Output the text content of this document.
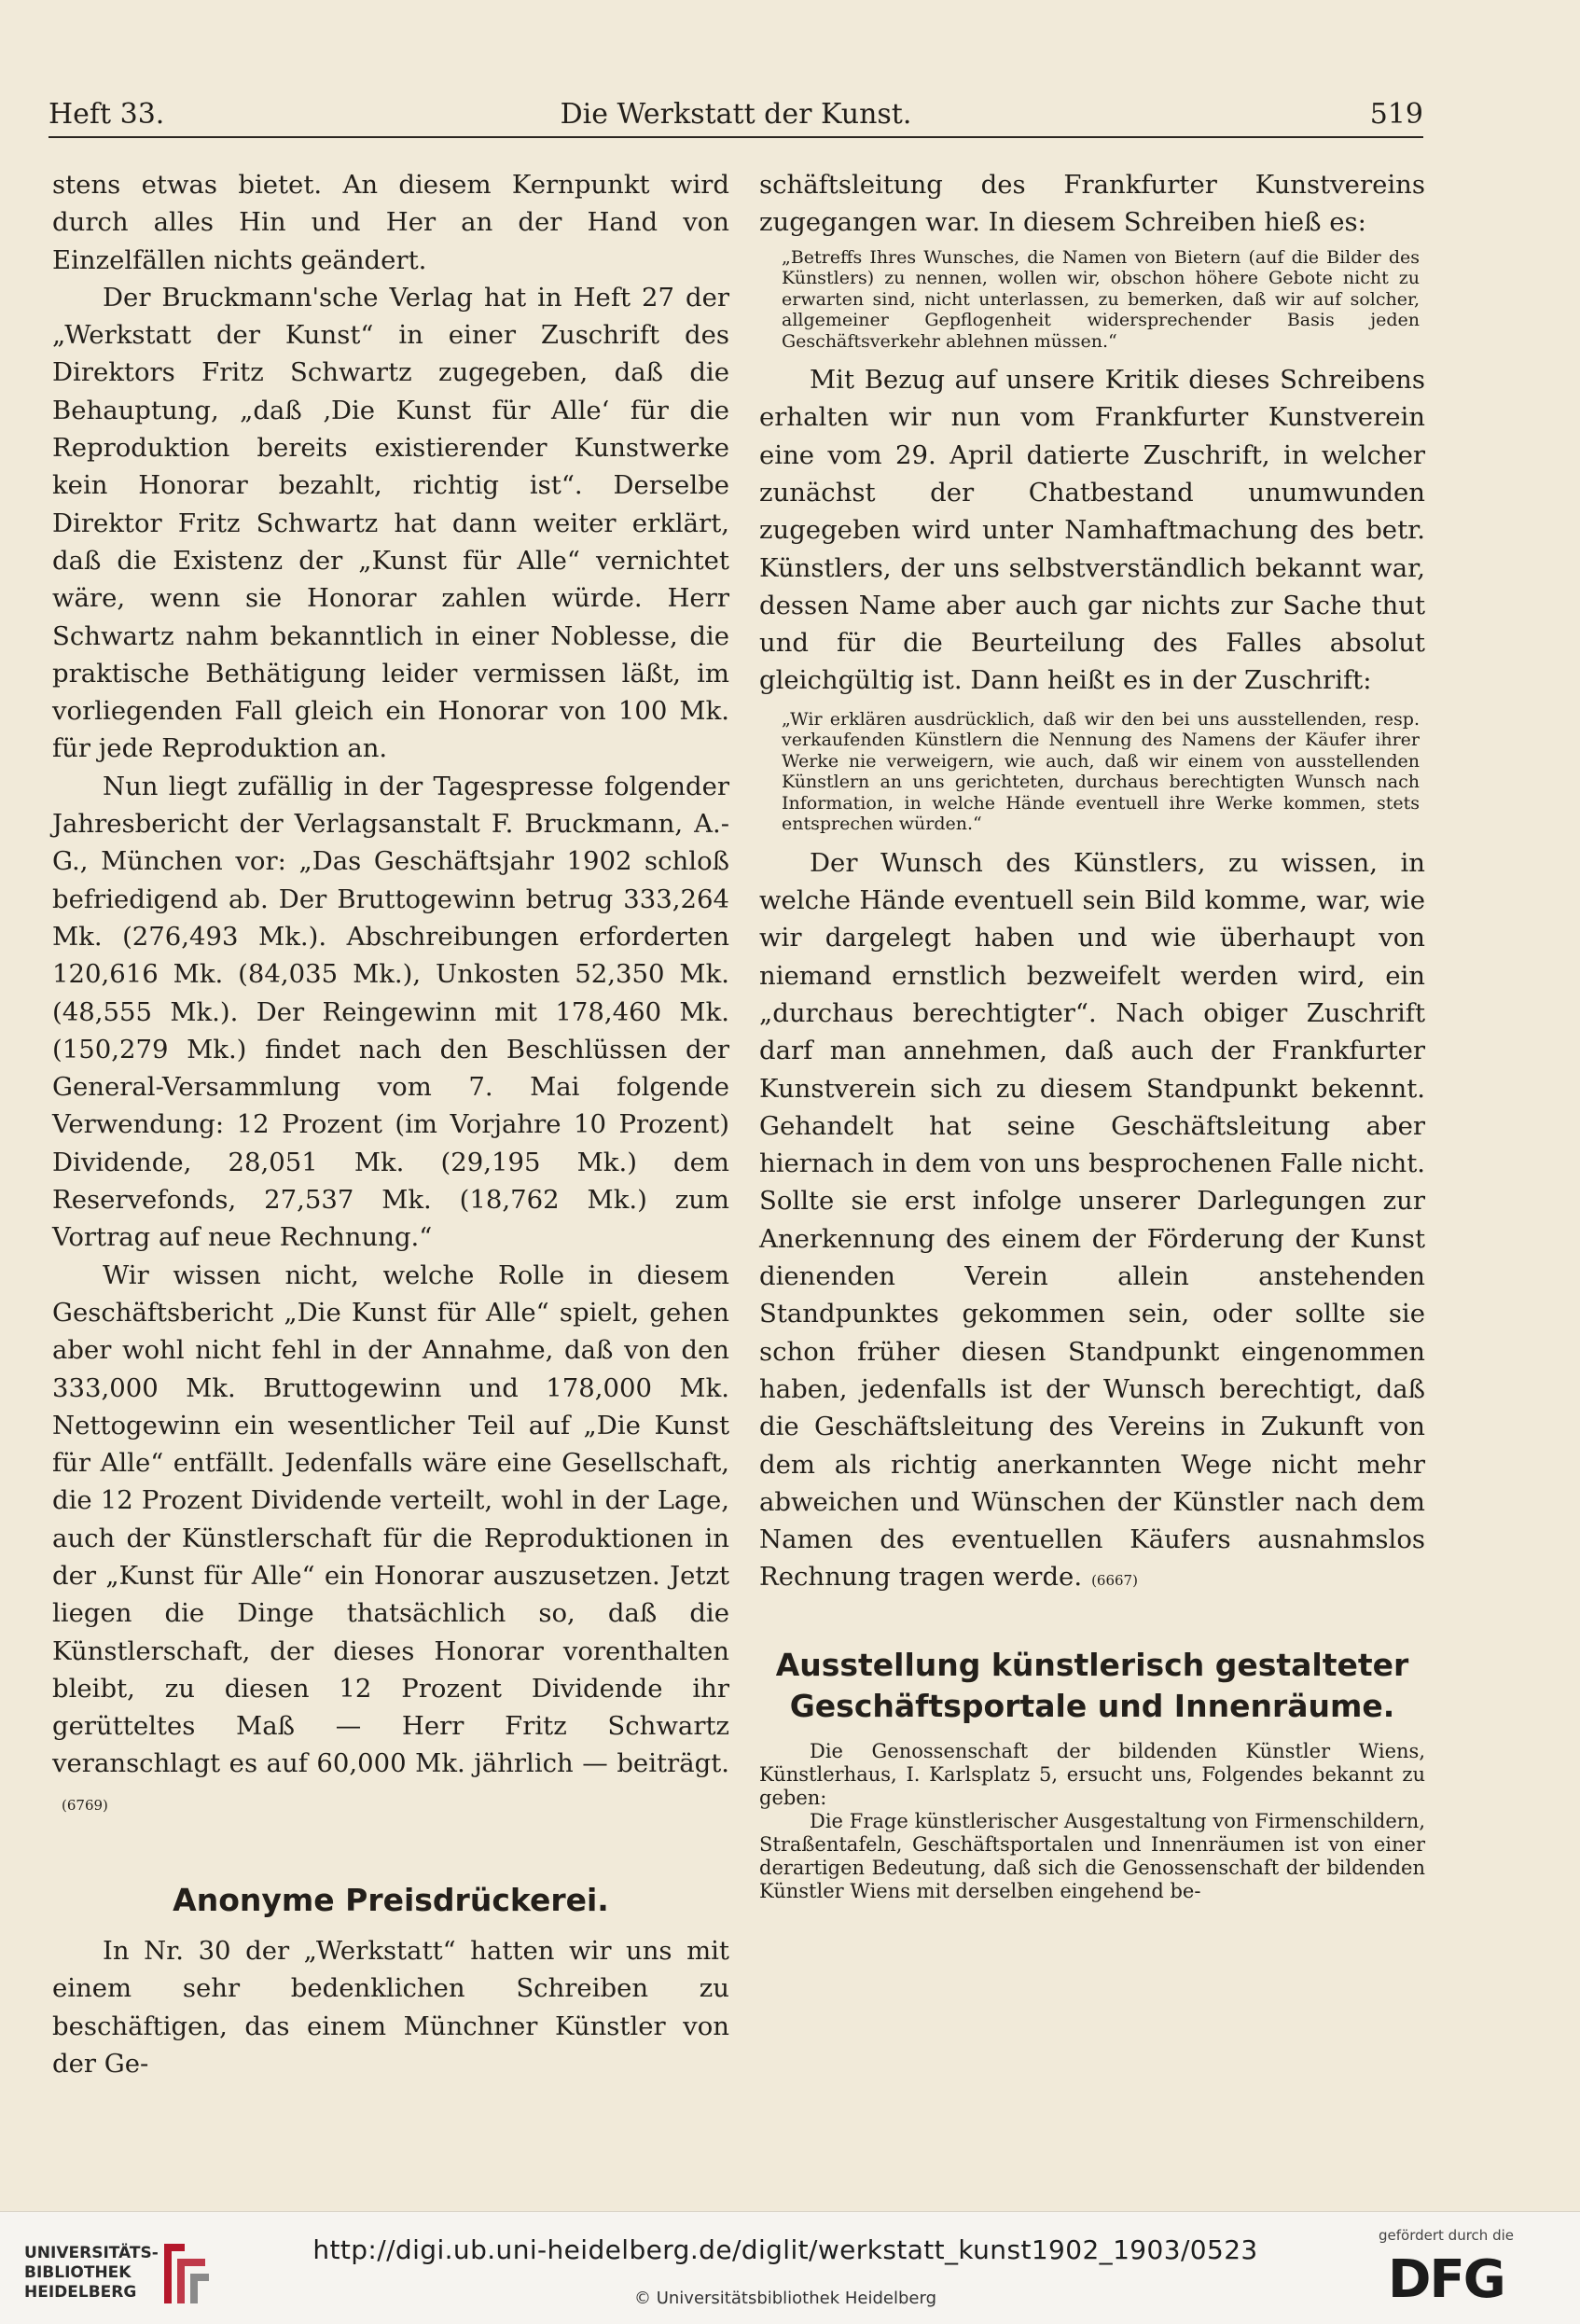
Heft 33.	Die Werkstatt der Kunst.	519

stens etwas bietet. An diesem Kernpunkt wird durch alles Hin und Her an der Hand von Einzelfällen nichts geändert.

Der Bruckmann'sche Verlag hat in Heft 27 der „Werkstatt der Kunst“ in einer Zuschrift des Direktors Fritz Schwartz zugegeben, daß die Behauptung, „daß ‚Die Kunst für Alle‘ für die Reproduktion bereits existierender Kunstwerke kein Honorar bezahlt, richtig ist“. Derselbe Direktor Fritz Schwartz hat dann weiter erklärt, daß die Existenz der „Kunst für Alle“ vernichtet wäre, wenn sie Honorar zahlen würde. Herr Schwartz nahm bekanntlich in einer Noblesse, die praktische Bethätigung leider vermissen läßt, im vorliegenden Fall gleich ein Honorar von 100 Mk. für jede Reproduktion an.

Nun liegt zufällig in der Tagespresse folgender Jahresbericht der Verlagsanstalt F. Bruckmann, A.-G., München vor: „Das Geschäftsjahr 1902 schloß befriedigend ab. Der Bruttogewinn betrug 333,264 Mk. (276,493 Mk.). Abschreibungen erforderten 120,616 Mk. (84,035 Mk.), Unkosten 52,350 Mk. (48,555 Mk.). Der Reingewinn mit 178,460 Mk. (150,279 Mk.) findet nach den Beschlüssen der General-Versammlung vom 7. Mai folgende Verwendung: 12 Prozent (im Vorjahre 10 Prozent) Dividende, 28,051 Mk. (29,195 Mk.) dem Reservefonds, 27,537 Mk. (18,762 Mk.) zum Vortrag auf neue Rechnung.“

Wir wissen nicht, welche Rolle in diesem Geschäftsbericht „Die Kunst für Alle“ spielt, gehen aber wohl nicht fehl in der Annahme, daß von den 333,000 Mk. Bruttogewinn und 178,000 Mk. Nettogewinn ein wesentlicher Teil auf „Die Kunst für Alle“ entfällt. Jedenfalls wäre eine Gesellschaft, die 12 Prozent Dividende verteilt, wohl in der Lage, auch der Künstlerschaft für die Reproduktionen in der „Kunst für Alle“ ein Honorar auszusetzen. Jetzt liegen die Dinge thatsächlich so, daß die Künstlerschaft, der dieses Honorar vorenthalten bleibt, zu diesen 12 Prozent Dividende ihr gerütteltes Maß — Herr Fritz Schwartz veranschlagt es auf 60,000 Mk. jährlich — beiträgt.(6769)

Anonyme Preisdrückerei.

In Nr. 30 der „Werkstatt“ hatten wir uns mit einem sehr bedenklichen Schreiben zu beschäftigen, das einem Münchner Künstler von der Ge-

schäftsleitung des Frankfurter Kunstvereins zugegangen war. In diesem Schreiben hieß es:

„Betreffs Ihres Wunsches, die Namen von Bietern (auf die Bilder des Künstlers) zu nennen, wollen wir, obschon höhere Gebote nicht zu erwarten sind, nicht unterlassen, zu bemerken, daß wir auf solcher, allgemeiner Gepflogenheit widersprechender Basis jeden Geschäftsverkehr ablehnen müssen.“

Mit Bezug auf unsere Kritik dieses Schreibens erhalten wir nun vom Frankfurter Kunstverein eine vom 29. April datierte Zuschrift, in welcher zunächst der Chatbestand unumwunden zugegeben wird unter Namhaftmachung des betr. Künstlers, der uns selbstverständlich bekannt war, dessen Name aber auch gar nichts zur Sache thut und für die Beurteilung des Falles absolut gleichgültig ist. Dann heißt es in der Zuschrift:

„Wir erklären ausdrücklich, daß wir den bei uns ausstellenden, resp. verkaufenden Künstlern die Nennung des Namens der Käufer ihrer Werke nie verweigern, wie auch, daß wir einem von ausstellenden Künstlern an uns gerichteten, durchaus berechtigten Wunsch nach Information, in welche Hände eventuell ihre Werke kommen, stets entsprechen würden.“

Der Wunsch des Künstlers, zu wissen, in welche Hände eventuell sein Bild komme, war, wie wir dargelegt haben und wie überhaupt von niemand ernstlich bezweifelt werden wird, ein „durchaus berechtigter“. Nach obiger Zuschrift darf man annehmen, daß auch der Frankfurter Kunstverein sich zu diesem Standpunkt bekennt. Gehandelt hat seine Geschäftsleitung aber hiernach in dem von uns besprochenen Falle nicht. Sollte sie erst infolge unserer Darlegungen zur Anerkennung des einem der Förderung der Kunst dienenden Verein allein anstehenden Standpunktes gekommen sein, oder sollte sie schon früher diesen Standpunkt eingenommen haben, jedenfalls ist der Wunsch berechtigt, daß die Geschäftsleitung des Vereins in Zukunft von dem als richtig anerkannten Wege nicht mehr abweichen und Wünschen der Künstler nach dem Namen des eventuellen Käufers ausnahmslos Rechnung tragen werde. (6667)

Ausstellung künstlerisch gestalteter Geschäftsportale und Innenräume.

Die Genossenschaft der bildenden Künstler Wiens, Künstlerhaus, I. Karlsplatz 5, ersucht uns, Folgendes bekannt zu geben:

Die Frage künstlerischer Ausgestaltung von Firmenschildern, Straßentafeln, Geschäftsportalen und Innenräumen ist von einer derartigen Bedeutung, daß sich die Genossenschaft der bildenden Künstler Wiens mit derselben eingehend be-

UNIVERSITÄTS-
BIBLIOTHEK
HEIDELBERG
http://digi.ub.uni-heidelberg.de/diglit/werkstatt_kunst1902_1903/0523
© Universitätsbibliothek Heidelberg
gefördert durch die
DFG
